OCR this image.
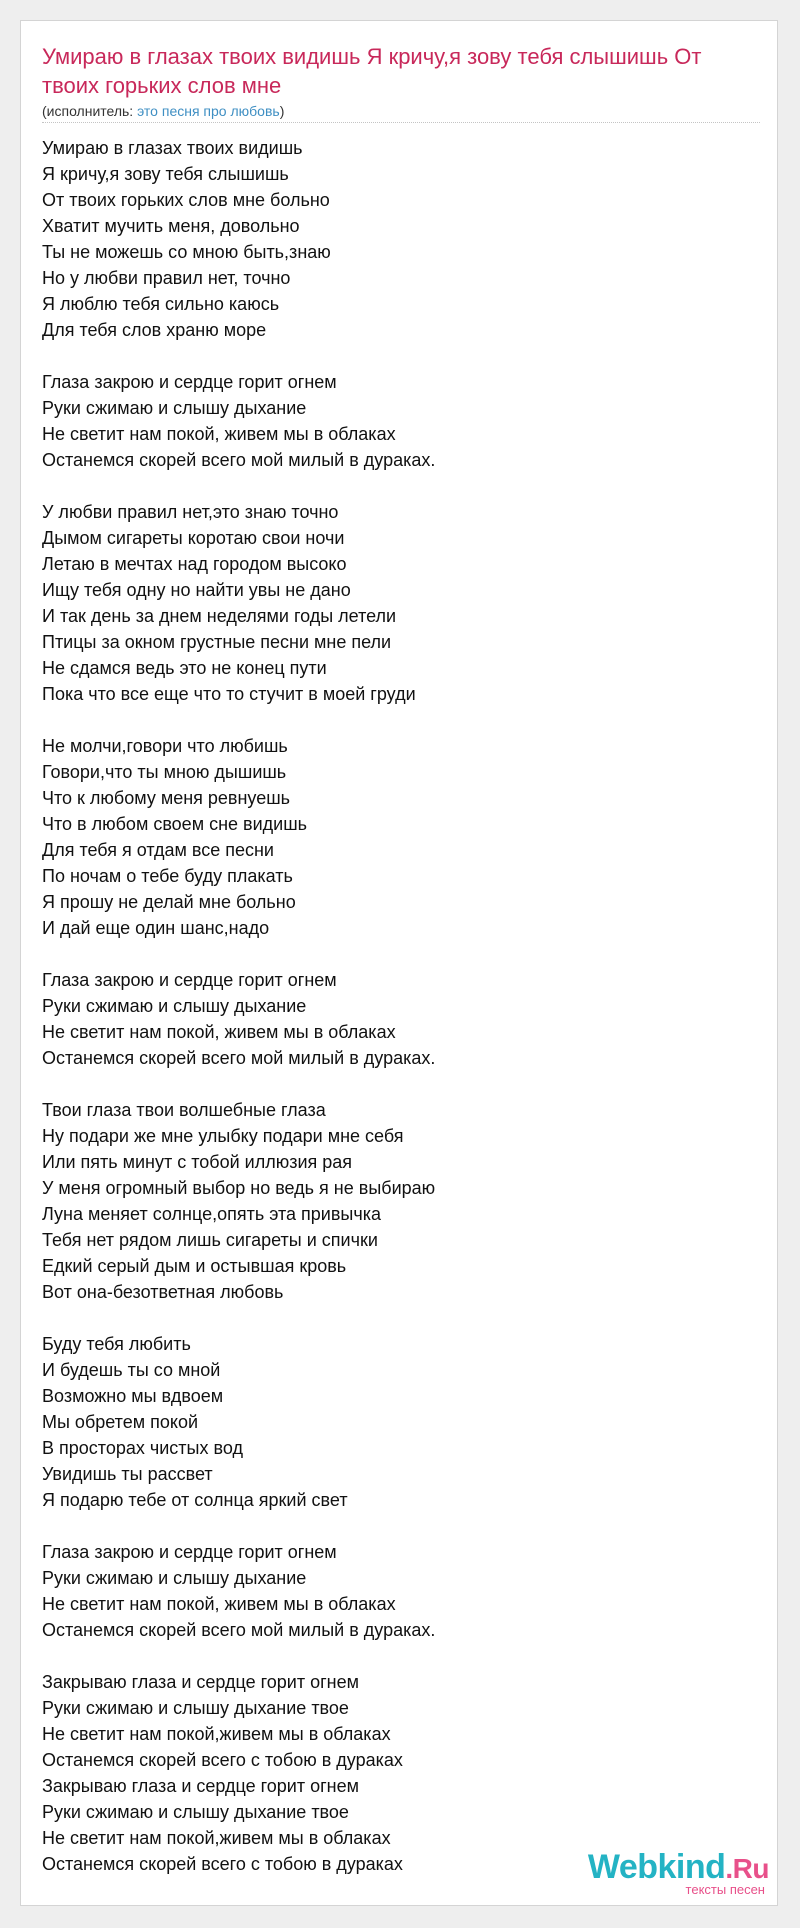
Умираю в глазах твоих видишь Я кричу,я зову тебя слышишь От твоих горьких слов мне
(исполнитель: это песня про любовь)
Умираю в глазах твоих видишь
Я кричу,я зову тебя слышишь
От твоих горьких слов мне больно
Хватит мучить меня, довольно
Ты не можешь со мною быть,знаю
Но у любви правил нет, точно
Я люблю тебя сильно каюсь
Для тебя слов храню море
Глаза закрою и сердце горит огнем
Руки сжимаю и слышу дыхание
Не светит нам покой, живем мы в облаках
Останемся скорей всего мой милый в дураках.
У любви правил нет,это знаю точно
Дымом сигареты коротаю свои ночи
Летаю в мечтах над городом высоко
Ищу тебя одну но найти увы не дано
И так день за днем неделями годы летели
Птицы за окном грустные песни мне пели
Не сдамся ведь это не конец пути
Пока что все еще что то стучит в моей груди
Не молчи,говори что любишь
Говори,что ты мною дышишь
Что к любому меня ревнуешь
Что в любом своем сне видишь
Для тебя я отдам все песни
По ночам о тебе буду плакать
Я прошу не делай мне больно
И дай еще один шанс,надо
Глаза закрою и сердце горит огнем
Руки сжимаю и слышу дыхание
Не светит нам покой, живем мы в облаках
Останемся скорей всего мой милый в дураках.
Твои глаза твои волшебные глаза
Ну подари же мне улыбку подари мне себя
Или пять минут с тобой иллюзия рая
У меня огромный выбор но ведь я не выбираю
Луна меняет солнце,опять эта привычка
Тебя нет рядом лишь сигареты и спички
Едкий серый дым и остывшая кровь
Вот она-безответная любовь
Буду тебя любить
И будешь ты со мной
Возможно мы вдвоем
Мы обретем покой
В просторах чистых вод
Увидишь ты рассвет
Я подарю тебе от солнца яркий свет
Глаза закрою и сердце горит огнем
Руки сжимаю и слышу дыхание
Не светит нам покой, живем мы в облаках
Останемся скорей всего мой милый в дураках.
Закрываю глаза и сердце горит огнем
Руки сжимаю и слышу дыхание твое
Не светит нам покой,живем мы в облаках
Останемся скорей всего с тобою в дураках
Закрываю глаза и сердце горит огнем
Руки сжимаю и слышу дыхание твое
Не светит нам покой,живем мы в облаках
Останемся скорей всего с тобою в дураках	Webkind.Ru
тексты песен
